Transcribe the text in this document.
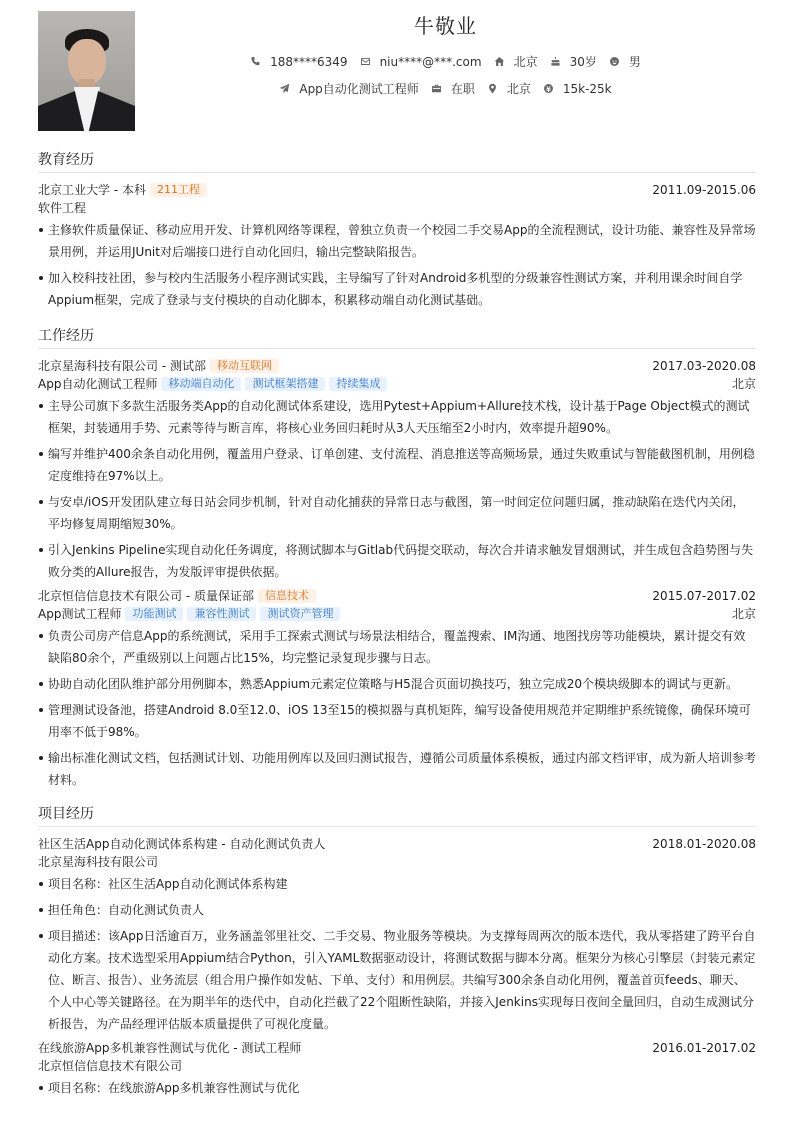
牛敬业
188****6349	niu****@***.com	北京	30岁	男
App自动化测试工程师	在职	北京	15k-25k
教育经历
北京工业大学 - 本科 211工程	2011.09-2015.06
软件工程
主修软件质量保证、移动应用开发、计算机网络等课程，曾独立负责一个校园二手交易App的全流程测试，设计功能、兼容性及异常场景用例，并运用JUnit对后端接口进行自动化回归，输出完整缺陷报告。
加入校科技社团，参与校内生活服务小程序测试实践，主导编写了针对Android多机型的分级兼容性测试方案，并利用课余时间自学Appium框架，完成了登录与支付模块的自动化脚本，积累移动端自动化测试基础。
工作经历
北京星海科技有限公司 - 测试部 移动互联网	2017.03-2020.08
App自动化测试工程师 移动端自动化 测试框架搭建 持续集成	北京
主导公司旗下多款生活服务类App的自动化测试体系建设，选用Pytest+Appium+Allure技术栈，设计基于Page Object模式的测试框架，封装通用手势、元素等待与断言库，将核心业务回归耗时从3人天压缩至2小时内，效率提升超90%。
编写并维护400余条自动化用例，覆盖用户登录、订单创建、支付流程、消息推送等高频场景，通过失败重试与智能截图机制，用例稳定度维持在97%以上。
与安卓/iOS开发团队建立每日站会同步机制，针对自动化捕获的异常日志与截图，第一时间定位问题归属，推动缺陷在迭代内关闭，平均修复周期缩短30%。
引入Jenkins Pipeline实现自动化任务调度，将测试脚本与Gitlab代码提交联动，每次合并请求触发冒烟测试，并生成包含趋势图与失败分类的Allure报告，为发版评审提供依据。
北京恒信信息技术有限公司 - 质量保证部 信息技术	2015.07-2017.02
App测试工程师 功能测试 兼容性测试 测试资产管理	北京
负责公司房产信息App的系统测试，采用手工探索式测试与场景法相结合，覆盖搜索、IM沟通、地图找房等功能模块，累计提交有效缺陷80余个，严重级别以上问题占比15%，均完整记录复现步骤与日志。
协助自动化团队维护部分用例脚本，熟悉Appium元素定位策略与H5混合页面切换技巧，独立完成20个模块级脚本的调试与更新。
管理测试设备池，搭建Android 8.0至12.0、iOS 13至15的模拟器与真机矩阵，编写设备使用规范并定期维护系统镜像，确保环境可用率不低于98%。
输出标准化测试文档，包括测试计划、功能用例库以及回归测试报告，遵循公司质量体系模板，通过内部文档评审，成为新人培训参考材料。
项目经历
社区生活App自动化测试体系构建 - 自动化测试负责人	2018.01-2020.08
北京星海科技有限公司
项目名称：社区生活App自动化测试体系构建
担任角色：自动化测试负责人
项目描述：该App日活逾百万，业务涵盖邻里社交、二手交易、物业服务等模块。为支撑每周两次的版本迭代，我从零搭建了跨平台自动化方案。技术选型采用Appium结合Python，引入YAML数据驱动设计，将测试数据与脚本分离。框架分为核心引擎层（封装元素定位、断言、报告）、业务流层（组合用户操作如发帖、下单、支付）和用例层。共编写300余条自动化用例，覆盖首页feeds、聊天、个人中心等关键路径。在为期半年的迭代中，自动化拦截了22个阻断性缺陷，并接入Jenkins实现每日夜间全量回归，自动生成测试分析报告，为产品经理评估版本质量提供了可视化度量。
在线旅游App多机兼容性测试与优化 - 测试工程师	2016.01-2017.02
北京恒信信息技术有限公司
项目名称：在线旅游App多机兼容性测试与优化
